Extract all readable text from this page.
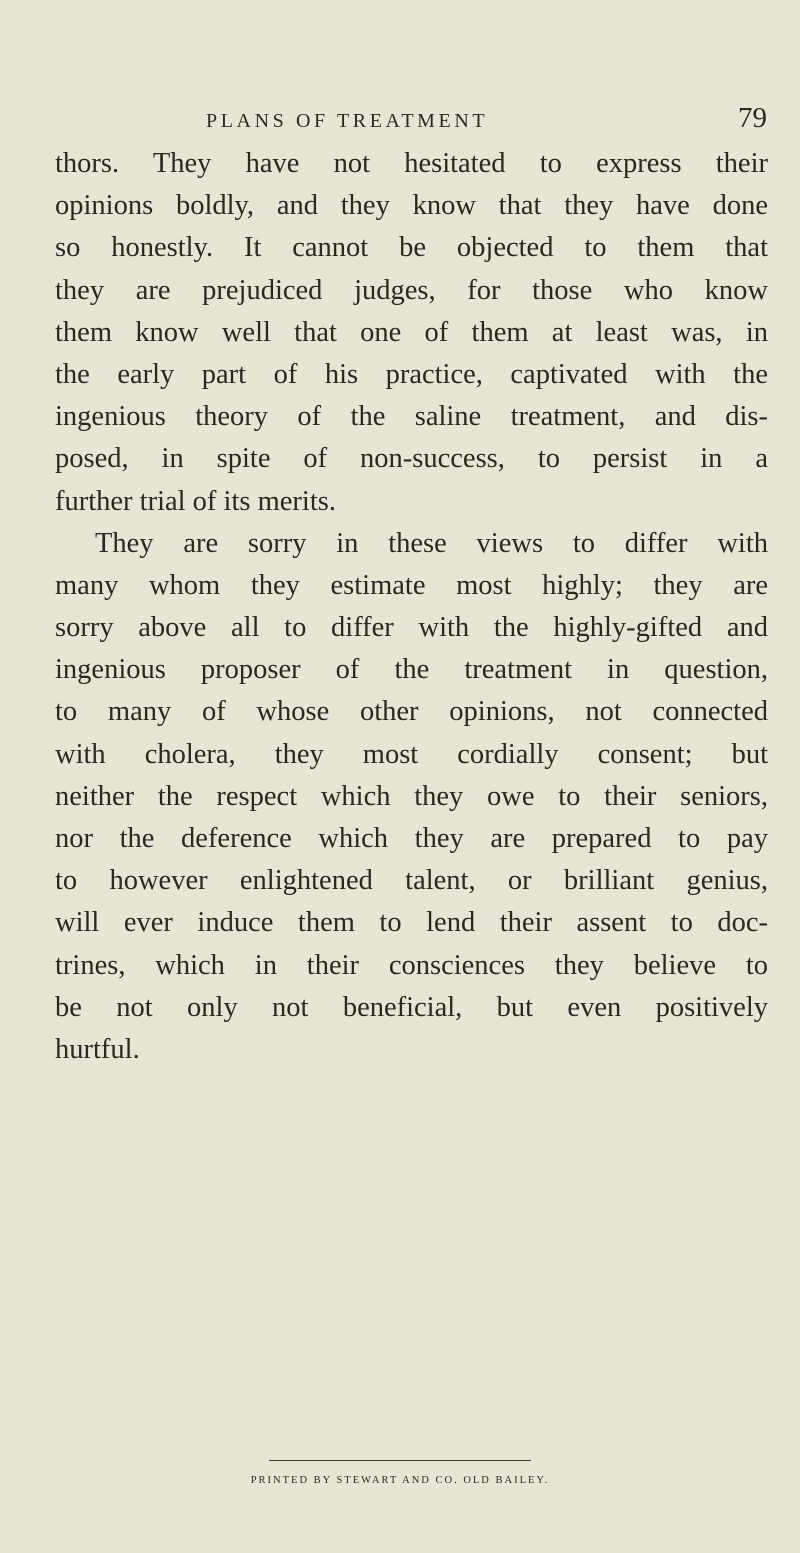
PLANS OF TREATMENT	79
thors. They have not hesitated to express their
opinions boldly, and they know that they have done
so honestly. It cannot be objected to them that
they are prejudiced judges, for those who know
them know well that one of them at least was, in
the early part of his practice, captivated with the
ingenious theory of the saline treatment, and dis-
posed, in spite of non-success, to persist in a
further trial of its merits.
They are sorry in these views to differ with
many whom they estimate most highly; they are
sorry above all to differ with the highly-gifted and
ingenious proposer of the treatment in question,
to many of whose other opinions, not connected
with cholera, they most cordially consent; but
neither the respect which they owe to their seniors,
nor the deference which they are prepared to pay
to however enlightened talent, or brilliant genius,
will ever induce them to lend their assent to doc-
trines, which in their consciences they believe to
be not only not beneficial, but even positively
hurtful.
PRINTED BY STEWART AND CO. OLD BAILEY.
